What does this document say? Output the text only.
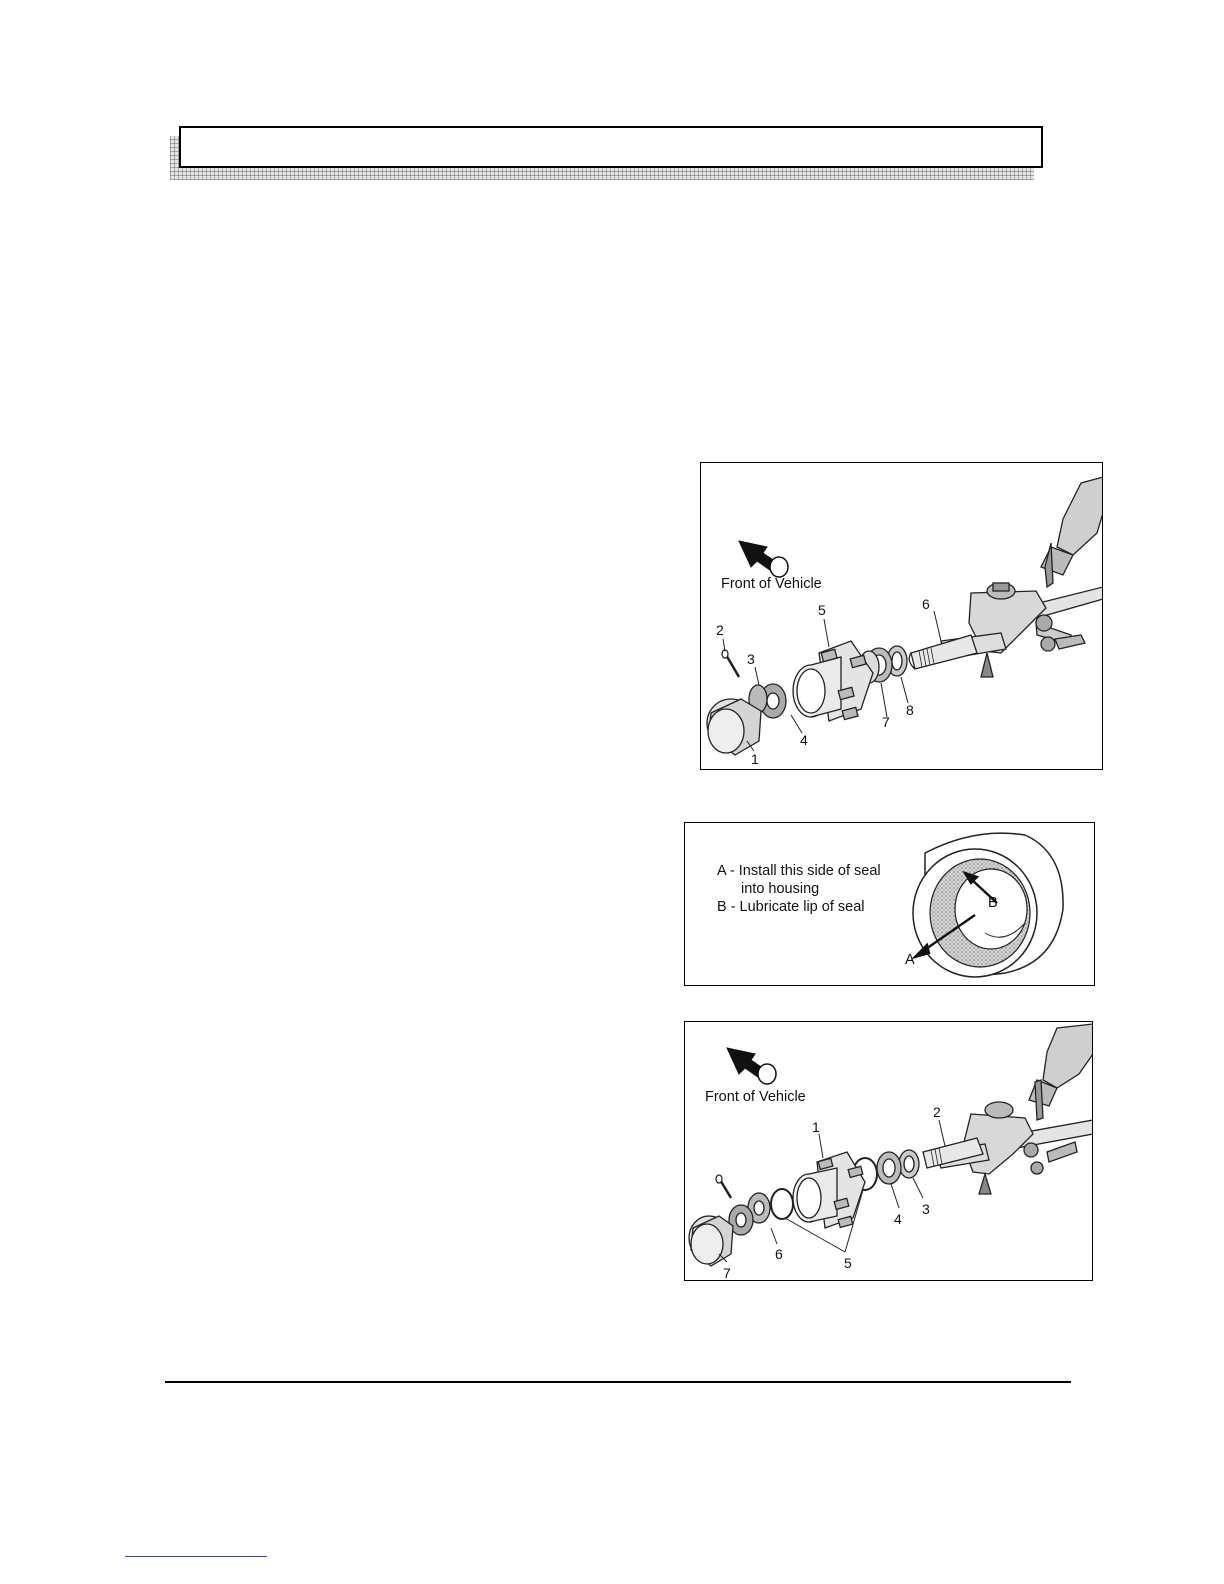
Front of Vehicle
1
2
3
4
5	6
7
8
A - Install this side of seal
into housing
B - Lubricate lip of seal
A
B
Front of Vehicle
1
2
3
4
5
6
7
